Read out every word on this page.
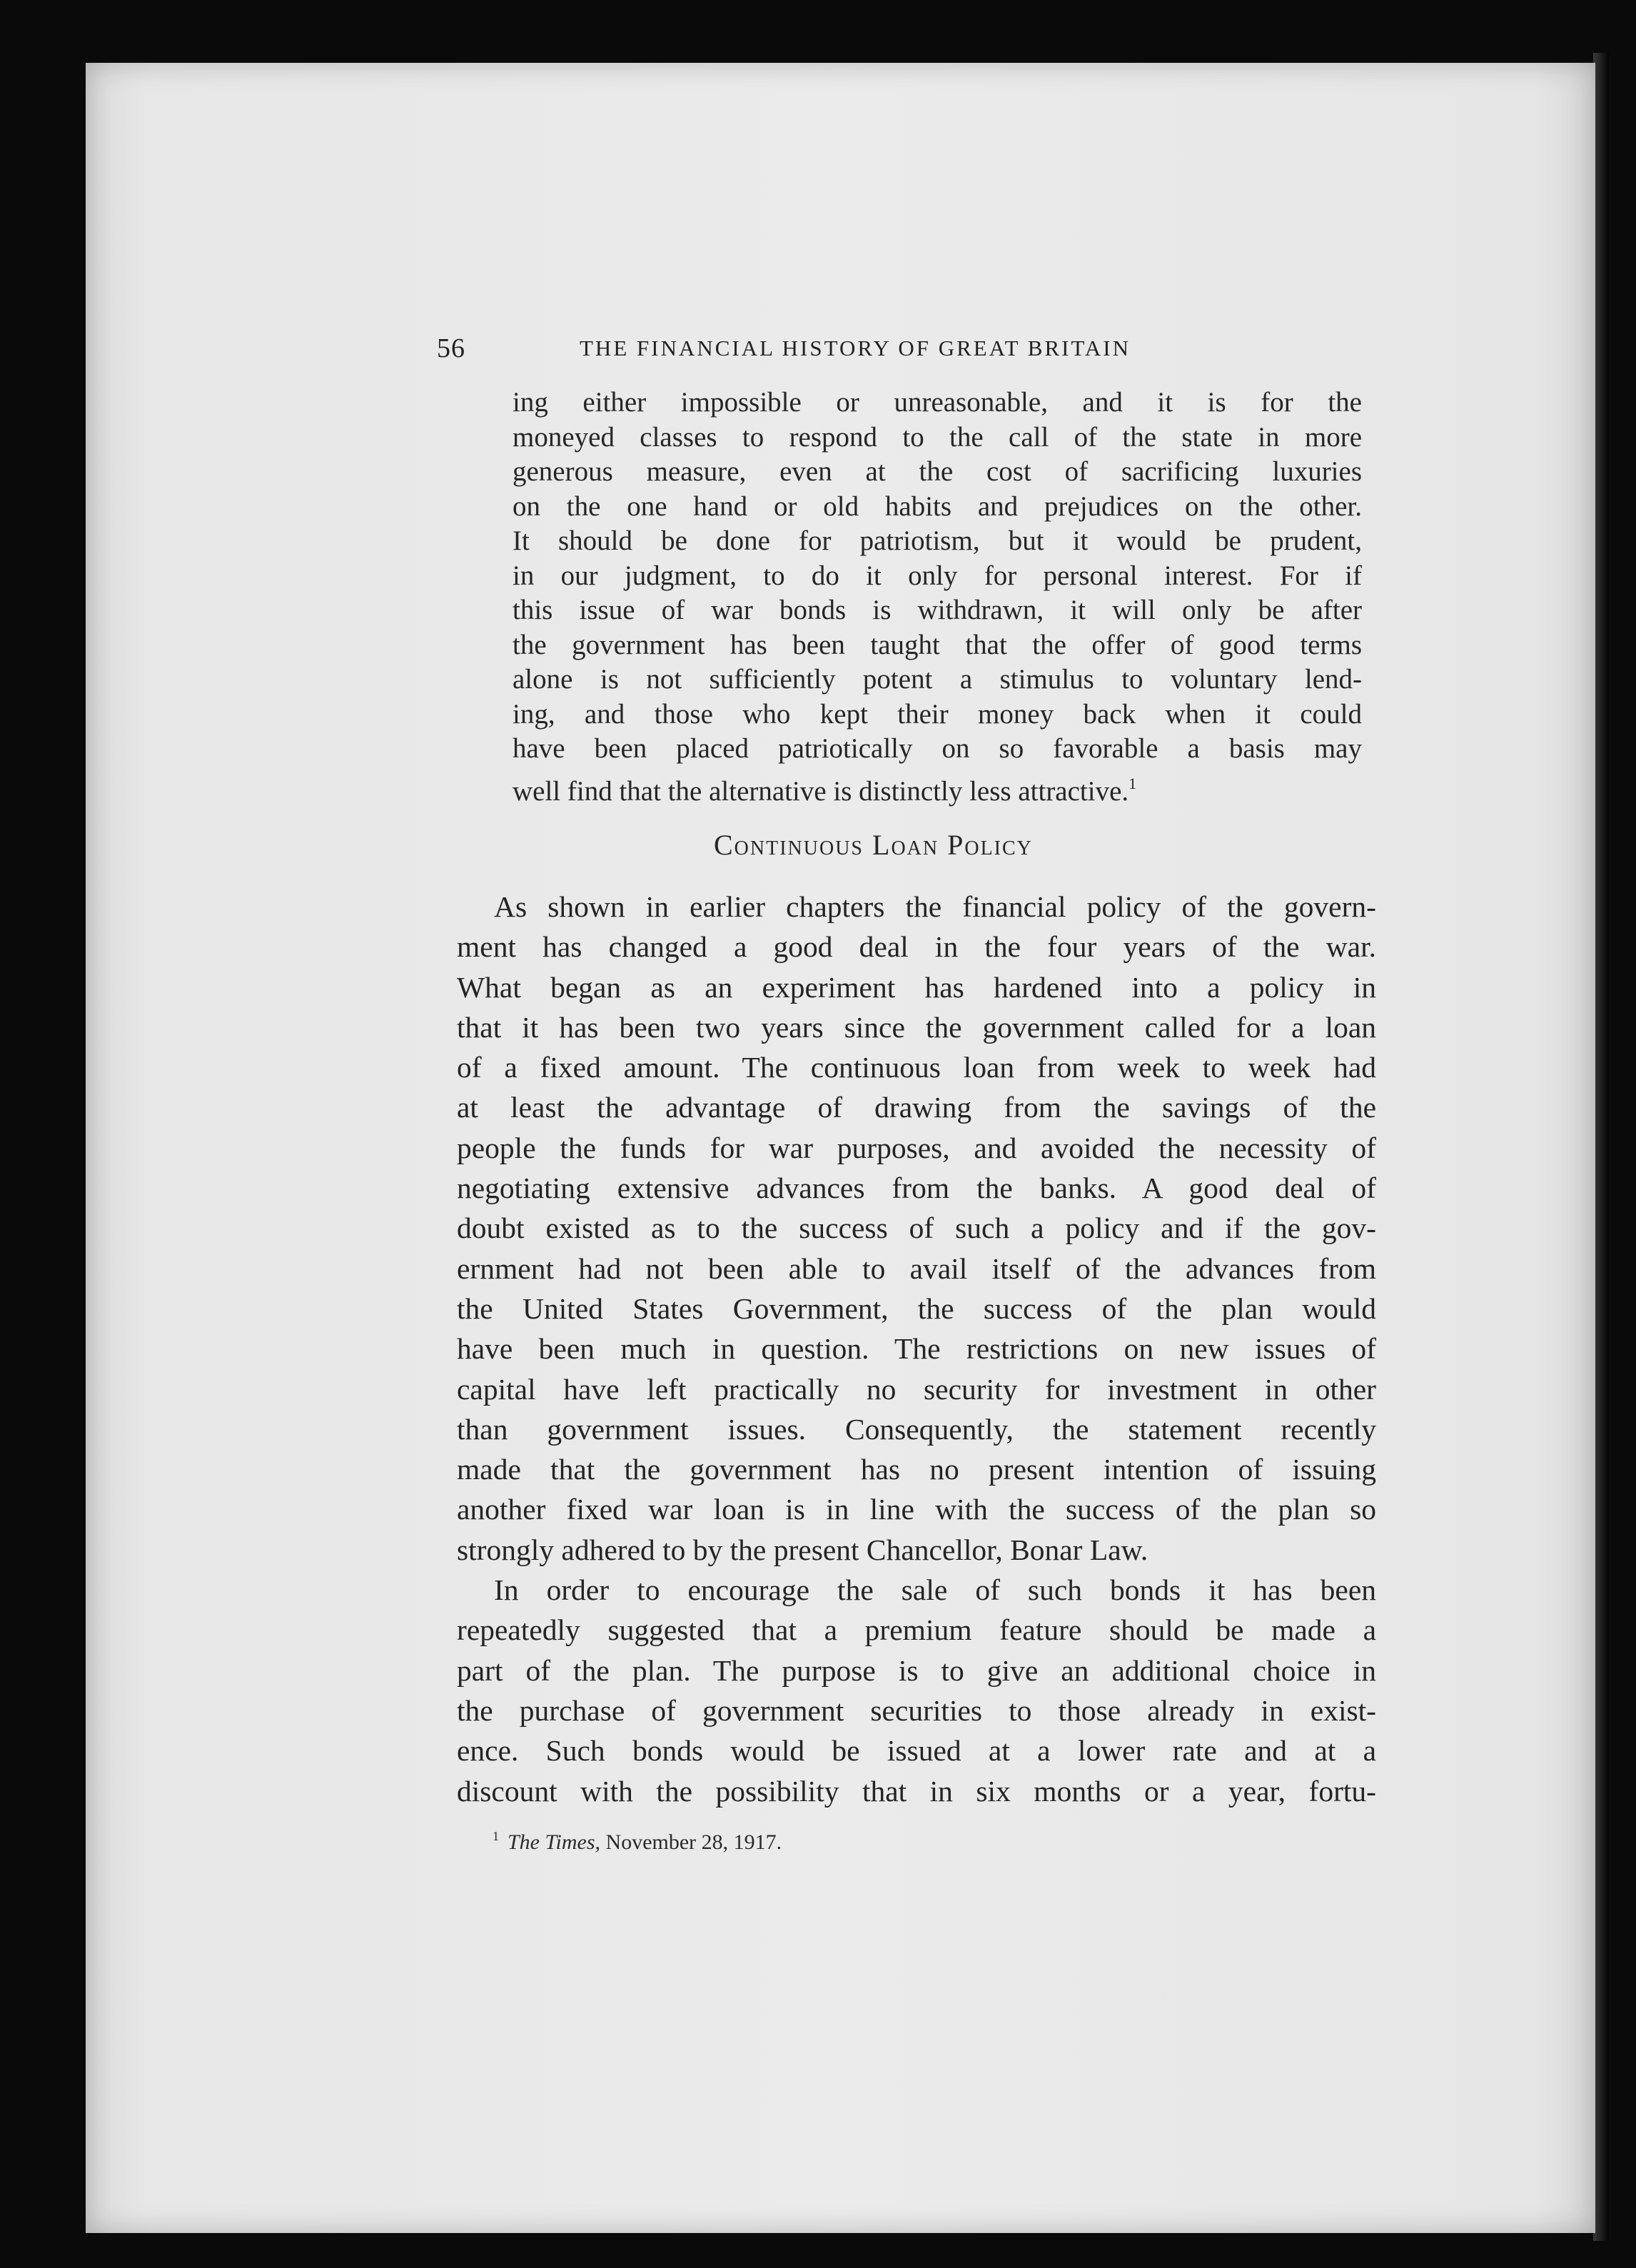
56	THE FINANCIAL HISTORY OF GREAT BRITAIN
ing either impossible or unreasonable, and it is for the
moneyed classes to respond to the call of the state in more
generous measure, even at the cost of sacrificing luxuries
on the one hand or old habits and prejudices on the other.
It should be done for patriotism, but it would be prudent,
in our judgment, to do it only for personal interest. For if
this issue of war bonds is withdrawn, it will only be after
the government has been taught that the offer of good terms
alone is not sufficiently potent a stimulus to voluntary lend-
ing, and those who kept their money back when it could
have been placed patriotically on so favorable a basis may
well find that the alternative is distinctly less attractive.$^1$
Continuous Loan Policy
As shown in earlier chapters the financial policy of the govern-
ment has changed a good deal in the four years of the war.
What began as an experiment has hardened into a policy in
that it has been two years since the government called for a loan
of a fixed amount. The continuous loan from week to week had
at least the advantage of drawing from the savings of the
people the funds for war purposes, and avoided the necessity of
negotiating extensive advances from the banks. A good deal of
doubt existed as to the success of such a policy and if the gov-
ernment had not been able to avail itself of the advances from
the United States Government, the success of the plan would
have been much in question. The restrictions on new issues of
capital have left practically no security for investment in other
than government issues. Consequently, the statement recently
made that the government has no present intention of issuing
another fixed war loan is in line with the success of the plan so
strongly adhered to by the present Chancellor, Bonar Law.
In order to encourage the sale of such bonds it has been
repeatedly suggested that a premium feature should be made a
part of the plan. The purpose is to give an additional choice in
the purchase of government securities to those already in exist-
ence. Such bonds would be issued at a lower rate and at a
discount with the possibility that in six months or a year, fortu-
$^1$ The Times, November 28, 1917.
